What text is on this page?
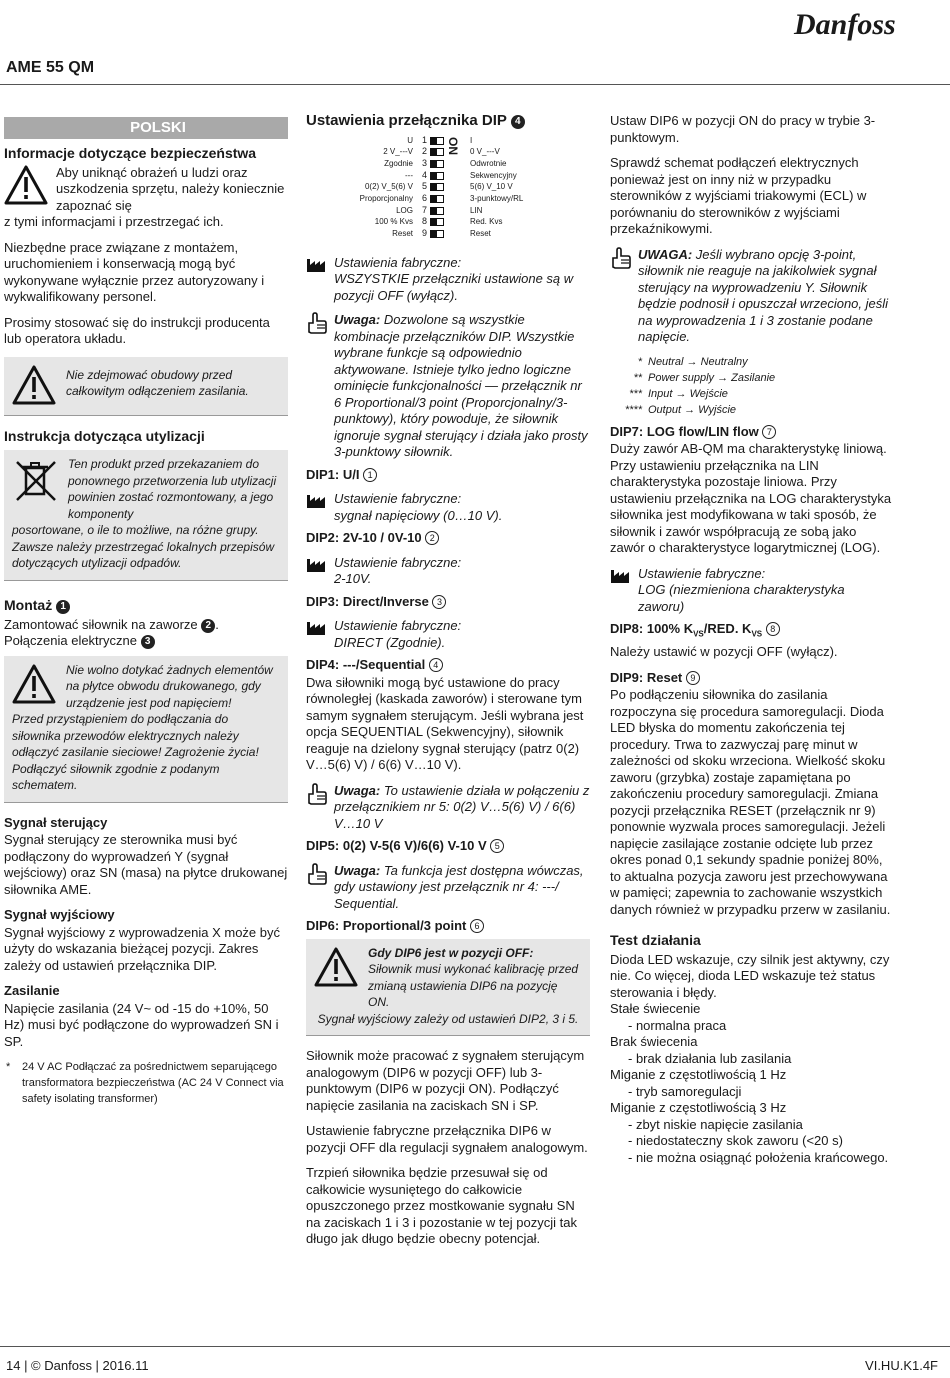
Danfoss
AME 55 QM
POLSKI
Informacje dotyczące bezpieczeństwa
Aby uniknąć obrażeń u ludzi oraz uszkodzenia sprzętu, należy koniecznie zapoznać się
z tymi informacjami i przestrzegać ich.

Niezbędne prace związane z montażem, uruchomieniem i konserwacją mogą być wykonywane wyłącznie przez autoryzowany i wykwalifikowany personel.

Prosimy stosować się do instrukcji producenta lub operatora układu.

Nie zdejmować obudowy przed całkowitym odłączeniem zasilania.
Instrukcja dotycząca utylizacji
Ten produkt przed przekazaniem do ponownego przetworzenia lub utylizacji powinien zostać rozmontowany, a jego komponenty
posortowane, o ile to możliwe, na różne grupy. Zawsze należy przestrzegać lokalnych przepisów dotyczących utylizacji odpadów.
Montaż 1
Zamontować siłownik na zaworze 2 .
Połączenia elektryczne 3
Nie wolno dotykać żadnych elementów na płytce obwodu drukowanego, gdy urządzenie jest pod napięciem!
Przed przystąpieniem do podłączania do siłownika przewodów elektrycznych należy odłączyć zasilanie sieciowe! Zagrożenie życia! Podłączyć siłownik zgodnie z podanym schematem.
Sygnał sterujący

Sygnał sterujący ze sterownika musi być podłączony do wyprowadzeń Y (sygnał wejściowy) oraz SN (masa) na płytce drukowanej siłownika AME.

Sygnał wyjściowy

Sygnał wyjściowy z wyprowadzenia X może być użyty do wskazania bieżącej pozycji. Zakres zależy od ustawień przełącznika DIP.

Zasilanie

Napięcie zasilania (24 V~ od -15 do +10%, 50 Hz) musi być podłączone do wyprowadzeń SN i SP.

* 24 V AC Podłączać za pośrednictwem separującego transformatora bezpieczeństwa (AC 24 V Connect via safety isolating transformer)
Ustawienia przełącznika DIP 4
U
2 V_---V
Zgodnie
---
0(2) V_5(6) V
Proporcjonalny
LOG
100 % Kvs
Reset
ON
1
2
3
4
5
6
7
8
9
I
0 V_---V
Odwrotnie
Sekwencyjny
5(6) V_10 V
3-punktowy/RL
LIN
Red. Kvs
Reset
Ustawienia fabryczne:
WSZYSTKIE przełączniki ustawione są w pozycji OFF (wyłącz).
Uwaga: Dozwolone są wszystkie kombinacje przełączników DIP. Wszystkie wybrane funkcje są odpowiednio aktywowane. Istnieje tylko jedno logiczne ominięcie funkcjonalności — przełącznik nr 6 Proportional/3 point (Proporcjonalny/3-punktowy), który powoduje, że siłownik ignoruje sygnał sterujący i działa jako prosty 3-punktowy siłownik.
DIP1: U/I 1
Ustawienie fabryczne:
sygnał napięciowy (0…10 V).
DIP2: 2V-10 / 0V-10 2
Ustawienie fabryczne:
2-10V.
DIP3: Direct/Inverse 3
Ustawienie fabryczne:
DIRECT (Zgodnie).
DIP4: ---/Sequential 4

Dwa siłowniki mogą być ustawione do pracy równoległej (kaskada zaworów) i sterowane tym samym sygnałem sterującym. Jeśli wybrana jest opcja SEQUENTIAL (Sekwencyjny), siłownik reaguje na dzielony sygnał sterujący (patrz 0(2) V…5(6) V) / 6(6) V…10 V).

Uwaga: To ustawienie działa w połączeniu z przełącznikiem nr 5: 0(2) V…5(6) V) / 6(6) V…10 V
DIP5: 0(2) V-5(6 V)/6(6) V-10 V 5
Uwaga: Ta funkcja jest dostępna wówczas, gdy ustawiony jest przełącznik nr 4: ---/ Sequential.
DIP6: Proportional/3 point 6
Gdy DIP6 jest w pozycji OFF:
Siłownik musi wykonać kalibrację przed zmianą ustawienia DIP6 na pozycję ON.
Sygnał wyjściowy zależy od ustawień DIP2, 3 i 5.

Siłownik może pracować z sygnałem sterującym analogowym (DIP6 w pozycji OFF) lub 3-punktowym (DIP6 w pozycji ON). Podłączyć napięcie zasilania na zaciskach SN i SP.

Ustawienie fabryczne przełącznika DIP6 w pozycji OFF dla regulacji sygnałem analogowym.

Trzpień siłownika będzie przesuwał się od całkowicie wysuniętego do całkowicie opuszczonego przez mostkowanie sygnału SN na zaciskach 1 i 3 i pozostanie w tej pozycji tak długo jak długo będzie obecny potencjał.

Ustaw DIP6 w pozycji ON do pracy w trybie 3-punktowym.

Sprawdź schemat podłączeń elektrycznych ponieważ jest on inny niż w przypadku sterowników z wyjściami triakowymi (ECL) w porównaniu do sterowników z wyjściami przekaźnikowymi.

UWAGA: Jeśli wybrano opcję 3-point, siłownik nie reaguje na jakikolwiek sygnał sterujący na wyprowadzeniu Y. Siłownik będzie podnosił i opuszczał wrzeciono, jeśli na wyprowadzenia 1 i 3 zostanie podane napięcie.
* Neutral → Neutralny
** Power supply → Zasilanie
*** Input → Wejście
**** Output → Wyjście
DIP7: LOG flow/LIN flow 7

Duży zawór AB-QM ma charakterystykę liniową. Przy ustawieniu przełącznika na LIN charakterystyka pozostaje liniowa. Przy ustawieniu przełącznika na LOG charakterystyka siłownika jest modyfikowana w taki sposób, że siłownik i zawór współpracują ze sobą jako zawór o charakterystyce logarytmicznej (LOG).

Ustawienie fabryczne:
LOG (niezmieniona charakterystyka zaworu)
DIP8: 100% $K_{VS}$/RED. $K_{VS}$ 8

Należy ustawić w pozycji OFF (wyłącz).

DIP9: Reset 9

Po podłączeniu siłownika do zasilania rozpoczyna się procedura samoregulacji. Dioda LED błyska do momentu zakończenia tej procedury. Trwa to zazwyczaj parę minut w zależności od skoku wrzeciona. Wielkość skoku zaworu (grzybka) zostaje zapamiętana po zakończeniu procedury samoregulacji. Zmiana pozycji przełącznika RESET (przełącznik nr 9) ponownie wyzwala proces samoregulacji. Jeżeli napięcie zasilające zostanie odcięte lub przez okres ponad 0,1 sekundy spadnie poniżej 80%, to aktualna pozycja zaworu jest przechowywana w pamięci; zapewnia to zachowanie wszystkich danych również w przypadku przerw w zasilaniu.

Test działania
Dioda LED wskazuje, czy silnik jest aktywny, czy nie. Co więcej, dioda LED wskazuje też status sterowania i błędy.
Stałe świecenie
- normalna praca
Brak świecenia
- brak działania lub zasilania
Miganie z częstotliwością 1 Hz
- tryb samoregulacji
Miganie z częstotliwością 3 Hz
- zbyt niskie napięcie zasilania
- niedostateczny skok zaworu (<20 s)
- nie można osiągnąć położenia krańcowego.
14 | © Danfoss | 2016.11	VI.HU.K1.4F
